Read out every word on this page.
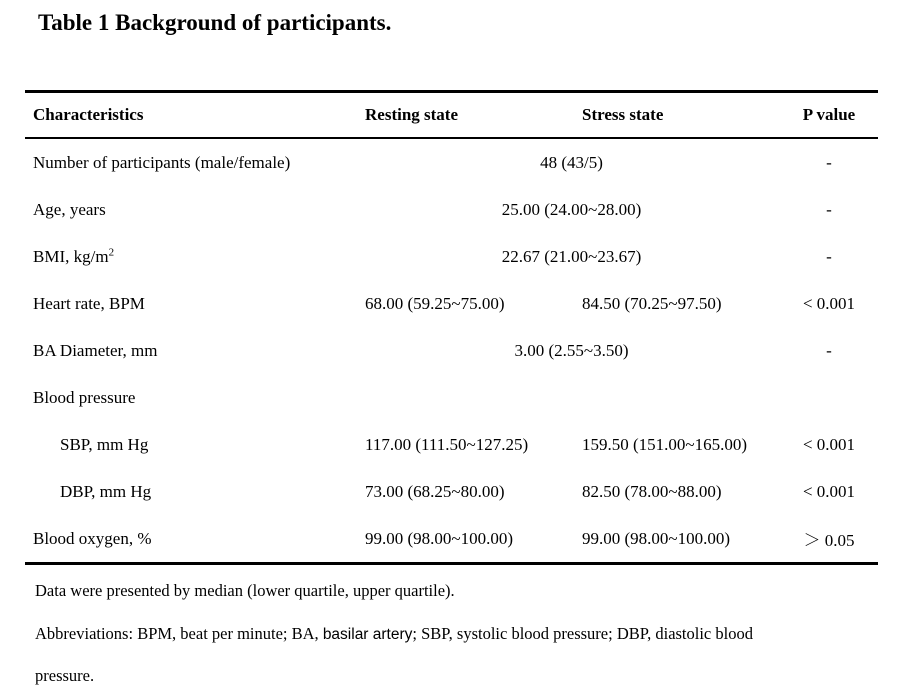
Table 1 Background of participants.
Characteristics	Resting state	Stress state	P value
Number of participants (male/female)	48 (43/5)		-
Age, years	25.00 (24.00~28.00)		-
BMI, $kg/m^2$	22.67 (21.00~23.67)		-
Heart rate, BPM	68.00 (59.25~75.00)	84.50 (70.25~97.50)	< 0.001
BA Diameter, mm	3.00 (2.55~3.50)		-
Blood pressure			
SBP, mm Hg	117.00 (111.50~127.25)	159.50 (151.00~165.00)	< 0.001
DBP, mm Hg	73.00 (68.25~80.00)	82.50 (78.00~88.00)	< 0.001
Blood oxygen, %	99.00 (98.00~100.00)	99.00 (98.00~100.00)	＞ 0.05
Data were presented by median (lower quartile, upper quartile).
Abbreviations: BPM, beat per minute; BA, basilar artery; SBP, systolic blood pressure; DBP, diastolic blood
pressure.
